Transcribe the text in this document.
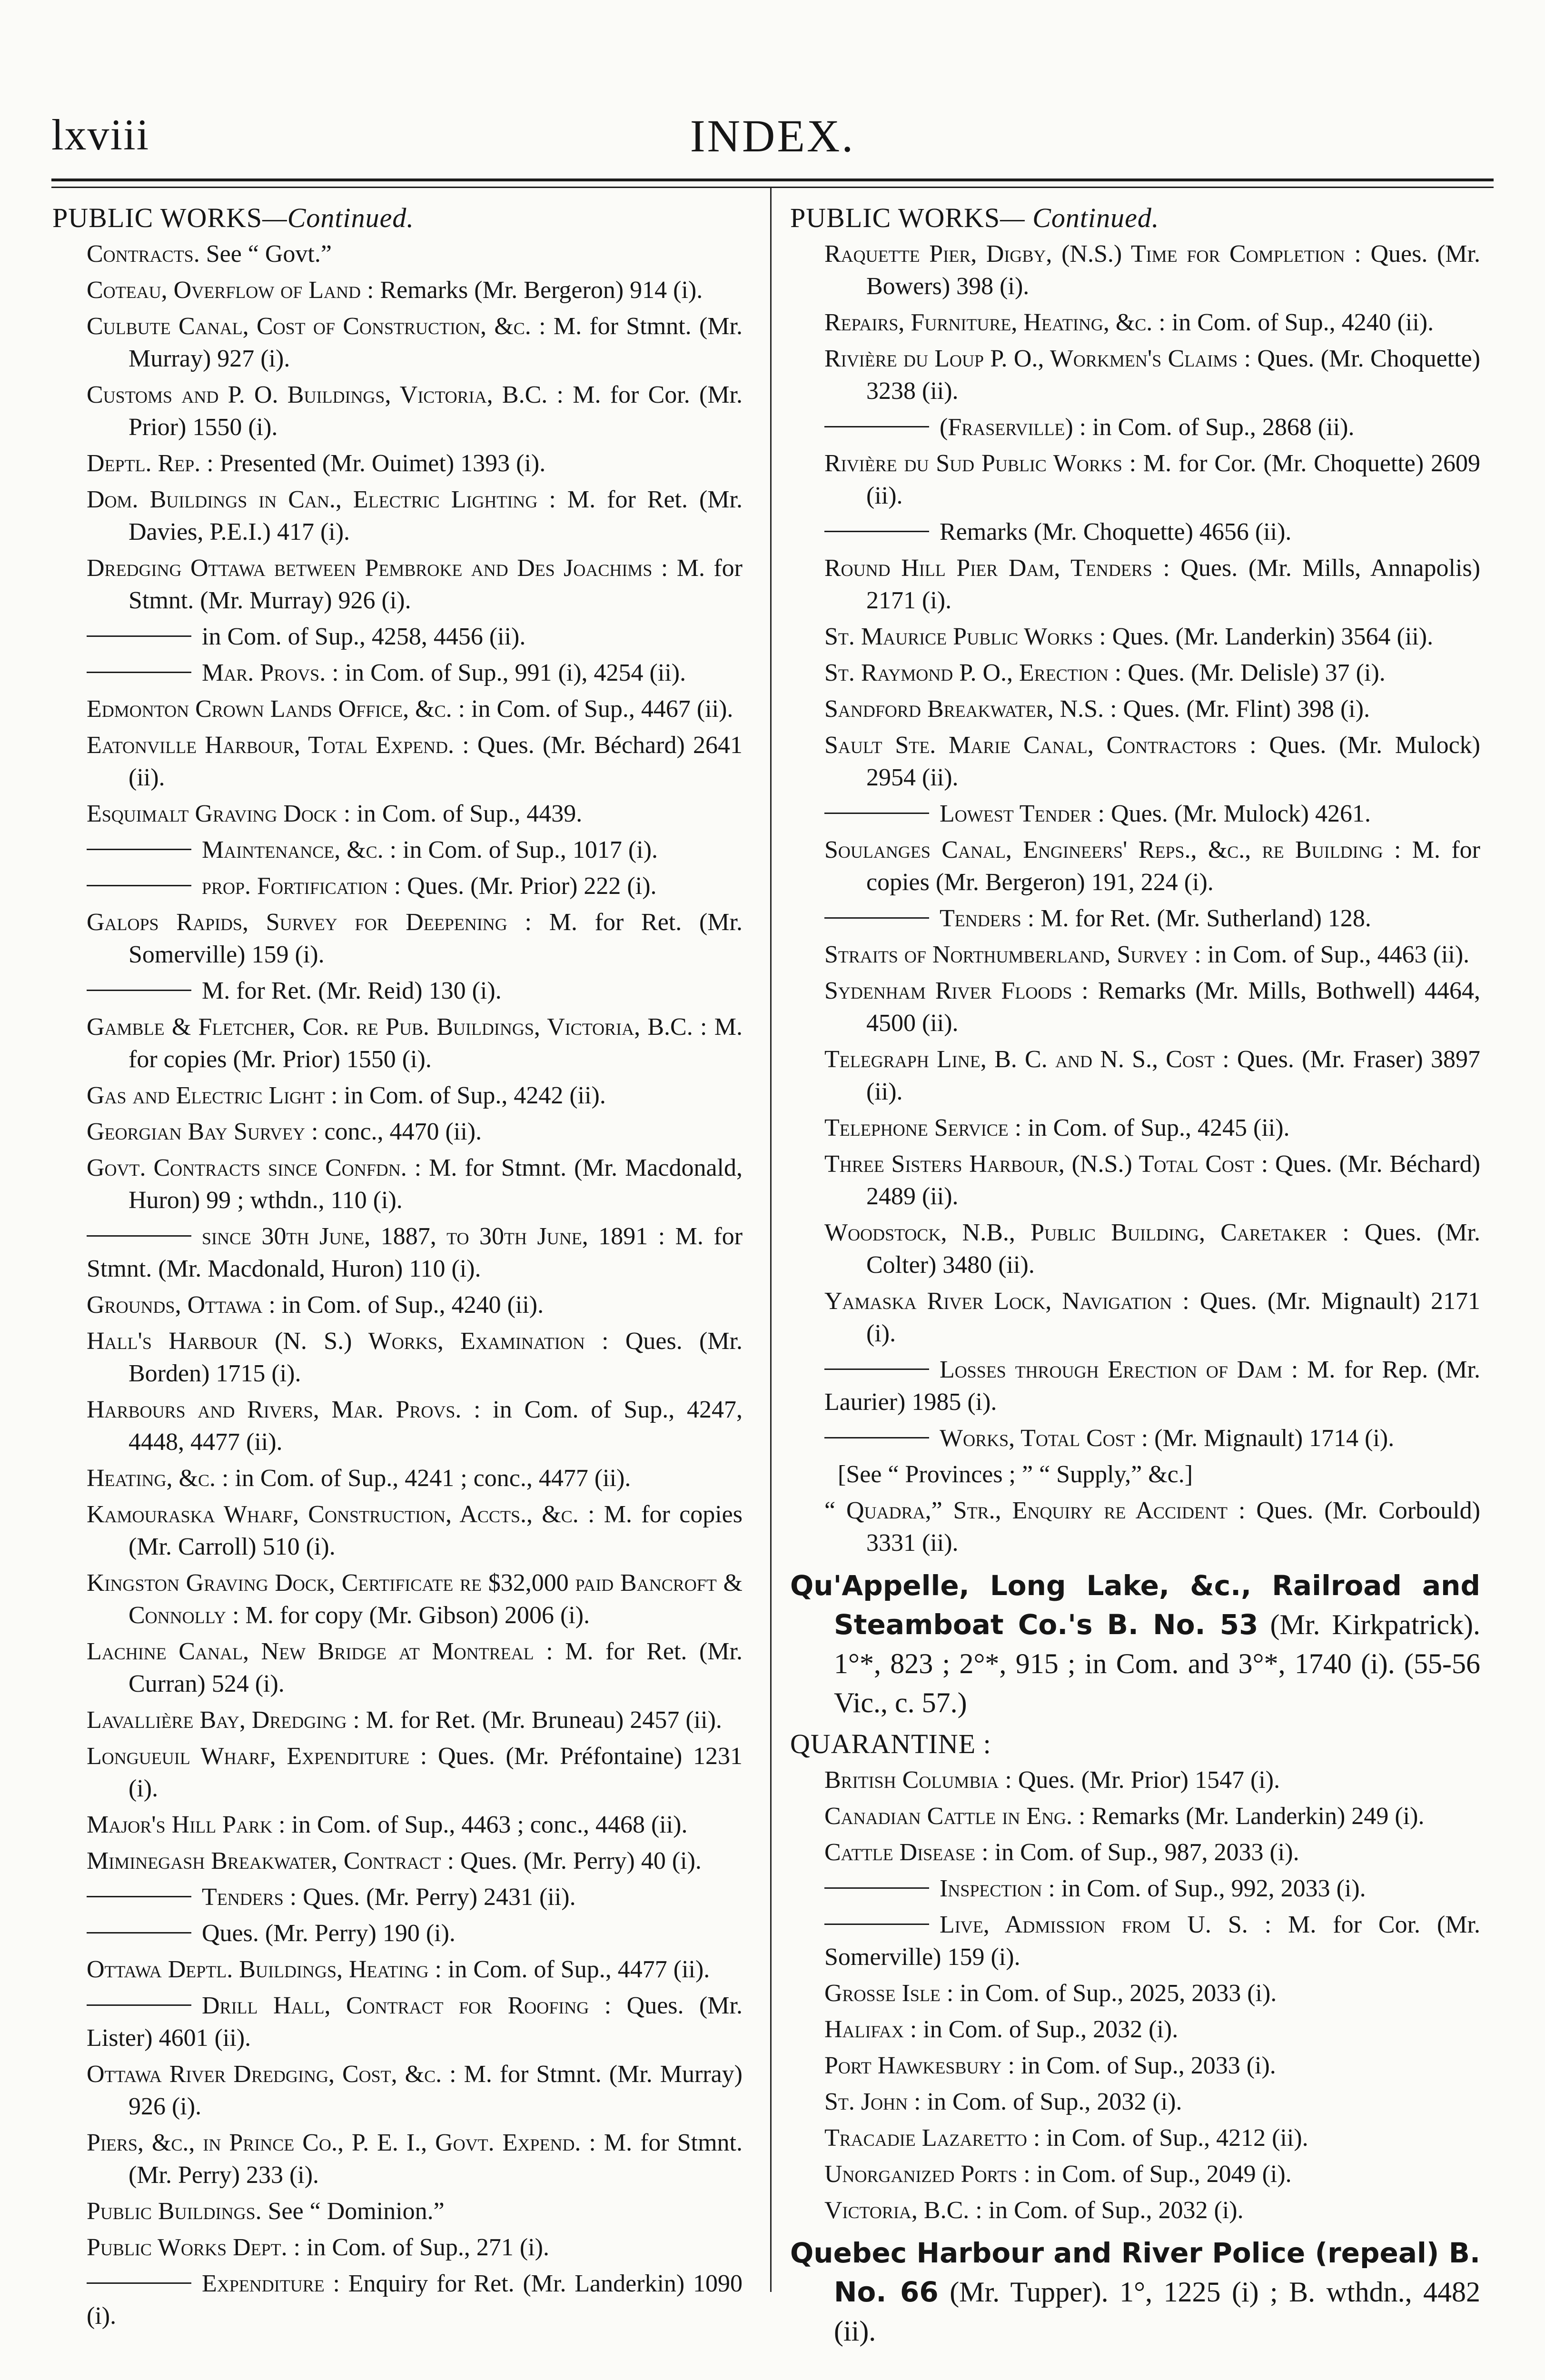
lxviii	INDEX.
PUBLIC WORKS—Continued.
Contracts. See “ Govt.”
Coteau, Overflow of Land : Remarks (Mr. Bergeron) 914 (i).
Culbute Canal, Cost of Construction, &c. : M. for Stmnt. (Mr. Murray) 927 (i).
Customs and P. O. Buildings, Victoria, B.C. : M. for Cor. (Mr. Prior) 1550 (i).
Deptl. Rep. : Presented (Mr. Ouimet) 1393 (i).
Dom. Buildings in Can., Electric Lighting : M. for Ret. (Mr. Davies, P.E.I.) 417 (i).
Dredging Ottawa between Pembroke and Des Joachims : M. for Stmnt. (Mr. Murray) 926 (i).
in Com. of Sup., 4258, 4456 (ii).
Mar. Provs. : in Com. of Sup., 991 (i), 4254 (ii).
Edmonton Crown Lands Office, &c. : in Com. of Sup., 4467 (ii).
Eatonville Harbour, Total Expend. : Ques. (Mr. Béchard) 2641 (ii).
Esquimalt Graving Dock : in Com. of Sup., 4439.
Maintenance, &c. : in Com. of Sup., 1017 (i).
prop. Fortification : Ques. (Mr. Prior) 222 (i).
Galops Rapids, Survey for Deepening : M. for Ret. (Mr. Somerville) 159 (i).
M. for Ret. (Mr. Reid) 130 (i).
Gamble & Fletcher, Cor. re Pub. Buildings, Victoria, B.C. : M. for copies (Mr. Prior) 1550 (i).
Gas and Electric Light : in Com. of Sup., 4242 (ii).
Georgian Bay Survey : conc., 4470 (ii).
Govt. Contracts since Confdn. : M. for Stmnt. (Mr. Macdonald, Huron) 99 ; wthdn., 110 (i).
since 30th June, 1887, to 30th June, 1891 : M. for Stmnt. (Mr. Macdonald, Huron) 110 (i).
Grounds, Ottawa : in Com. of Sup., 4240 (ii).
Hall's Harbour (N. S.) Works, Examination : Ques. (Mr. Borden) 1715 (i).
Harbours and Rivers, Mar. Provs. : in Com. of Sup., 4247, 4448, 4477 (ii).
Heating, &c. : in Com. of Sup., 4241 ; conc., 4477 (ii).
Kamouraska Wharf, Construction, Accts., &c. : M. for copies (Mr. Carroll) 510 (i).
Kingston Graving Dock, Certificate re $32,000 paid Bancroft & Connolly : M. for copy (Mr. Gibson) 2006 (i).
Lachine Canal, New Bridge at Montreal : M. for Ret. (Mr. Curran) 524 (i).
Lavallière Bay, Dredging : M. for Ret. (Mr. Bruneau) 2457 (ii).
Longueuil Wharf, Expenditure : Ques. (Mr. Préfontaine) 1231 (i).
Major's Hill Park : in Com. of Sup., 4463 ; conc., 4468 (ii).
Miminegash Breakwater, Contract : Ques. (Mr. Perry) 40 (i).
Tenders : Ques. (Mr. Perry) 2431 (ii).
Ques. (Mr. Perry) 190 (i).
Ottawa Deptl. Buildings, Heating : in Com. of Sup., 4477 (ii).
Drill Hall, Contract for Roofing : Ques. (Mr. Lister) 4601 (ii).
Ottawa River Dredging, Cost, &c. : M. for Stmnt. (Mr. Murray) 926 (i).
Piers, &c., in Prince Co., P. E. I., Govt. Expend. : M. for Stmnt. (Mr. Perry) 233 (i).
Public Buildings. See “ Dominion.”
Public Works Dept. : in Com. of Sup., 271 (i).
Expenditure : Enquiry for Ret. (Mr. Landerkin) 1090 (i).
PUBLIC WORKS— Continued.
Raquette Pier, Digby, (N.S.) Time for Completion : Ques. (Mr. Bowers) 398 (i).
Repairs, Furniture, Heating, &c. : in Com. of Sup., 4240 (ii).
Rivière du Loup P. O., Workmen's Claims : Ques. (Mr. Choquette) 3238 (ii).
(Fraserville) : in Com. of Sup., 2868 (ii).
Rivière du Sud Public Works : M. for Cor. (Mr. Choquette) 2609 (ii).
Remarks (Mr. Choquette) 4656 (ii).
Round Hill Pier Dam, Tenders : Ques. (Mr. Mills, Annapolis) 2171 (i).
St. Maurice Public Works : Ques. (Mr. Landerkin) 3564 (ii).
St. Raymond P. O., Erection : Ques. (Mr. Delisle) 37 (i).
Sandford Breakwater, N.S. : Ques. (Mr. Flint) 398 (i).
Sault Ste. Marie Canal, Contractors : Ques. (Mr. Mulock) 2954 (ii).
Lowest Tender : Ques. (Mr. Mulock) 4261.
Soulanges Canal, Engineers' Reps., &c., re Building : M. for copies (Mr. Bergeron) 191, 224 (i).
Tenders : M. for Ret. (Mr. Sutherland) 128.
Straits of Northumberland, Survey : in Com. of Sup., 4463 (ii).
Sydenham River Floods : Remarks (Mr. Mills, Bothwell) 4464, 4500 (ii).
Telegraph Line, B. C. and N. S., Cost : Ques. (Mr. Fraser) 3897 (ii).
Telephone Service : in Com. of Sup., 4245 (ii).
Three Sisters Harbour, (N.S.) Total Cost : Ques. (Mr. Béchard) 2489 (ii).
Woodstock, N.B., Public Building, Caretaker : Ques. (Mr. Colter) 3480 (ii).
Yamaska River Lock, Navigation : Ques. (Mr. Mignault) 2171 (i).
Losses through Erection of Dam : M. for Rep. (Mr. Laurier) 1985 (i).
Works, Total Cost : (Mr. Mignault) 1714 (i).
[See “ Provinces ; ” “ Supply,” &c.]
“ Quadra,” Str., Enquiry re Accident : Ques. (Mr. Corbould) 3331 (ii).
Qu'Appelle, Long Lake, &c., Railroad and Steamboat Co.'s B. No. 53 (Mr. Kirkpatrick). 1°*, 823 ; 2°*, 915 ; in Com. and 3°*, 1740 (i). (55-56 Vic., c. 57.)
QUARANTINE :
British Columbia : Ques. (Mr. Prior) 1547 (i).
Canadian Cattle in Eng. : Remarks (Mr. Landerkin) 249 (i).
Cattle Disease : in Com. of Sup., 987, 2033 (i).
Inspection : in Com. of Sup., 992, 2033 (i).
Live, Admission from U. S. : M. for Cor. (Mr. Somerville) 159 (i).
Grosse Isle : in Com. of Sup., 2025, 2033 (i).
Halifax : in Com. of Sup., 2032 (i).
Port Hawkesbury : in Com. of Sup., 2033 (i).
St. John : in Com. of Sup., 2032 (i).
Tracadie Lazaretto : in Com. of Sup., 4212 (ii).
Unorganized Ports : in Com. of Sup., 2049 (i).
Victoria, B.C. : in Com. of Sup., 2032 (i).
Quebec Harbour and River Police (repeal) B. No. 66 (Mr. Tupper). 1°, 1225 (i) ; B. wthdn., 4482 (ii).
